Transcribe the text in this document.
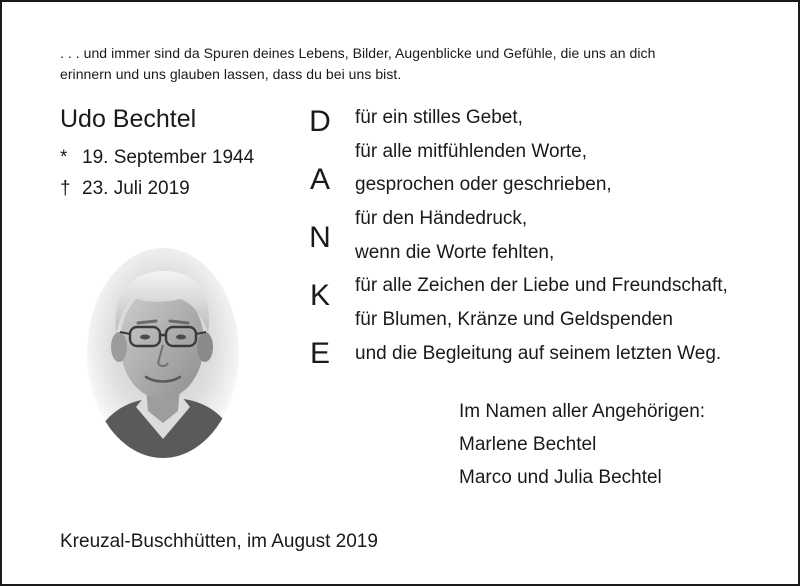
. . . und immer sind da Spuren deines Lebens, Bilder, Augenblicke und Gefühle, die uns an dich
erinnern und uns glauben lassen, dass du bei uns bist.
Udo Bechtel
* 19. September 1944
† 23. Juli 2019
D
A
N
K
E
für ein stilles Gebet,
für alle mitfühlenden Worte,
gesprochen oder geschrieben,
für den Händedruck,
wenn die Worte fehlten,
für alle Zeichen der Liebe und Freundschaft,
für Blumen, Kränze und Geldspenden
und die Begleitung auf seinem letzten Weg.
Im Namen aller Angehörigen:
Marlene Bechtel
Marco und Julia Bechtel
Kreuzal-Buschhütten, im August 2019
